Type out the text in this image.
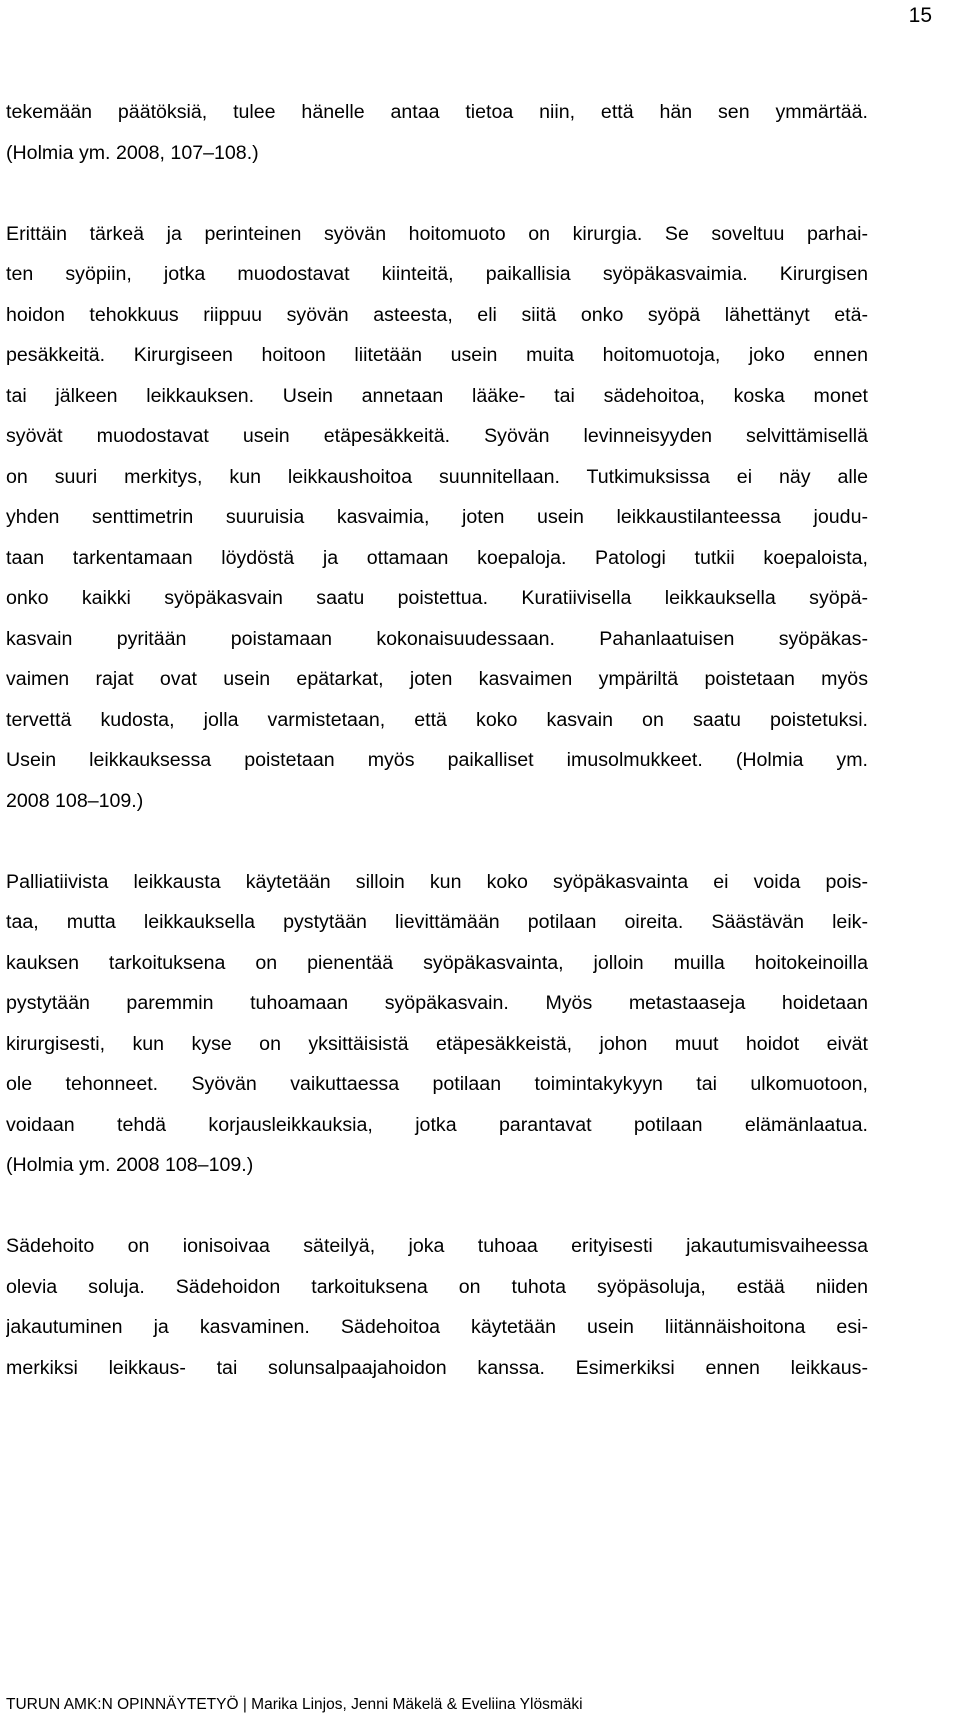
15
tekemään päätöksiä, tulee hänelle antaa tietoa niin, että hän sen ymmärtää.
(Holmia ym. 2008, 107–108.)
Erittäin tärkeä ja perinteinen syövän hoitomuoto on kirurgia. Se soveltuu parhai-
ten syöpiin, jotka muodostavat kiinteitä, paikallisia syöpäkasvaimia. Kirurgisen
hoidon tehokkuus riippuu syövän asteesta, eli siitä onko syöpä lähettänyt etä-
pesäkkeitä. Kirurgiseen hoitoon liitetään usein muita hoitomuotoja, joko ennen
tai jälkeen leikkauksen. Usein annetaan lääke- tai sädehoitoa, koska monet
syövät muodostavat usein etäpesäkkeitä. Syövän levinneisyyden selvittämisellä
on suuri merkitys, kun leikkaushoitoa suunnitellaan. Tutkimuksissa ei näy alle
yhden senttimetrin suuruisia kasvaimia, joten usein leikkaustilanteessa joudu-
taan tarkentamaan löydöstä ja ottamaan koepaloja. Patologi tutkii koepaloista,
onko kaikki syöpäkasvain saatu poistettua. Kuratiivisella leikkauksella syöpä-
kasvain pyritään poistamaan kokonaisuudessaan. Pahanlaatuisen syöpäkas-
vaimen rajat ovat usein epätarkat, joten kasvaimen ympäriltä poistetaan myös
tervettä kudosta, jolla varmistetaan, että koko kasvain on saatu poistetuksi.
Usein leikkauksessa poistetaan myös paikalliset imusolmukkeet. (Holmia ym.
2008 108–109.)
Palliatiivista leikkausta käytetään silloin kun koko syöpäkasvainta ei voida pois-
taa, mutta leikkauksella pystytään lievittämään potilaan oireita. Säästävän leik-
kauksen tarkoituksena on pienentää syöpäkasvainta, jolloin muilla hoitokeinoilla
pystytään paremmin tuhoamaan syöpäkasvain. Myös metastaaseja hoidetaan
kirurgisesti, kun kyse on yksittäisistä etäpesäkkeistä, johon muut hoidot eivät
ole tehonneet. Syövän vaikuttaessa potilaan toimintakykyyn tai ulkomuotoon,
voidaan tehdä korjausleikkauksia, jotka parantavat potilaan elämänlaatua.
(Holmia ym. 2008 108–109.)
Sädehoito on ionisoivaa säteilyä, joka tuhoaa erityisesti jakautumisvaiheessa
olevia soluja. Sädehoidon tarkoituksena on tuhota syöpäsoluja, estää niiden
jakautuminen ja kasvaminen. Sädehoitoa käytetään usein liitännäishoitona esi-
merkiksi leikkaus- tai solunsalpaajahoidon kanssa. Esimerkiksi ennen leikkaus-
TURUN AMK:N OPINNÄYTETYÖ | Marika Linjos, Jenni Mäkelä & Eveliina Ylösmäki
